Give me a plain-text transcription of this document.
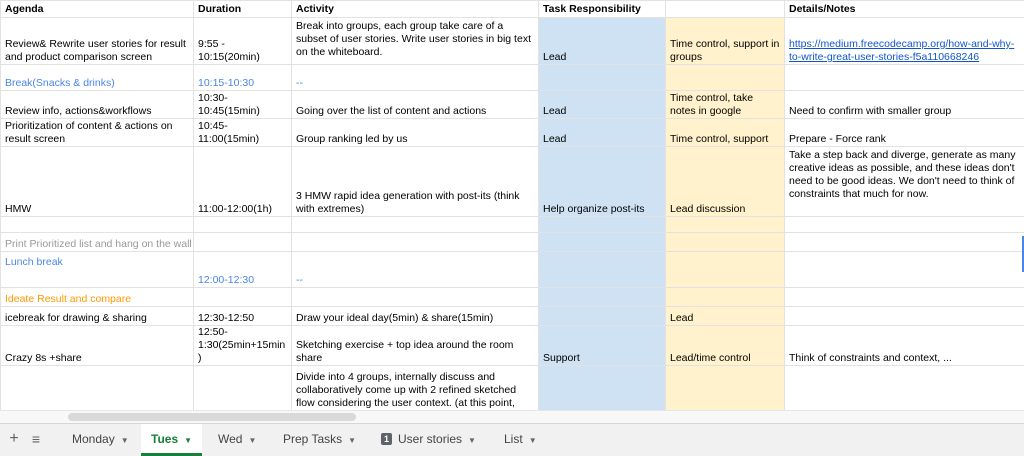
Agenda	Duration	Activity	Task Responsibility		Details/Notes
Review& Rewrite user stories for result and product comparison screen	9:55 - 10:15(20min)	Break into groups, each group take care of a subset of user stories. Write user stories in big text on the whiteboard.	Lead	Time control, support in groups	https://medium.freecodecamp.org/how-and-why-to-write-great-user-stories-f5a110668246
Break(Snacks & drinks)	10:15-10:30	--			
Review info, actions&workflows	10:30-10:45(15min)	Going over the list of content and actions	Lead	Time control, take notes in google	Need to confirm with smaller group
Prioritization of content & actions on result screen	10:45-11:00(15min)	Group ranking led by us	Lead	Time control, support	Prepare - Force rank
HMW	11:00-12:00(1h)	3 HMW rapid idea generation with post-its (think with extremes)	Help organize post-its	Lead discussion	Take a step back and diverge, generate as many creative ideas as possible, and these ideas don't need to be good ideas. We don't need to think of constraints that much for now.

Print Prioritized list and hang on the wall					
Lunch break	12:00-12:30	--			
Ideate Result and compare					
icebreak for drawing & sharing	12:30-12:50	Draw your ideal day(5min) & share(15min)		Lead	
Crazy 8s +share	12:50-1:30(25min+15min)	Sketching exercise + top idea around the room share	Support	Lead/time control	Think of constraints and context, ...
		Divide into 4 groups, internally discuss and collaboratively come up with 2 refined sketched flow considering the user context. (at this point,			

+ ≡	Monday ▼	Tues ▼	Wed ▼	Prep Tasks ▼	1 User stories ▼	List ▼
